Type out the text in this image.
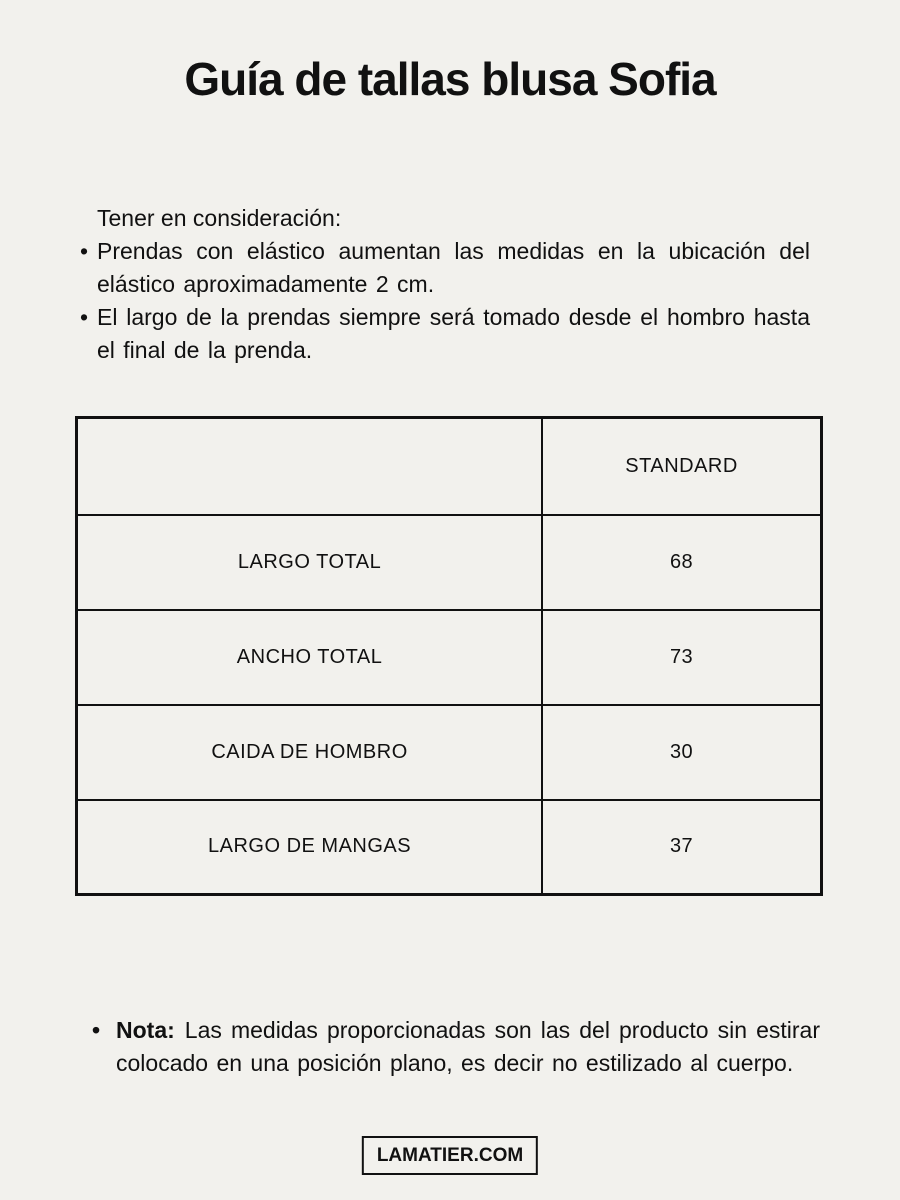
Guía de tallas blusa Sofia

Tener en consideración:

• Prendas con elástico aumentan las medidas en la ubicación del elástico aproximadamente 2 cm.

• El largo de la prendas siempre será tomado desde el hombro hasta el final de la prenda.

	STANDARD
LARGO TOTAL	68
ANCHO TOTAL	73
CAIDA DE HOMBRO	30
LARGO DE MANGAS	37
• Nota: Las medidas proporcionadas son las del producto sin estirar colocado en una posición plano, es decir no estilizado al cuerpo.

LAMATIER.COM
